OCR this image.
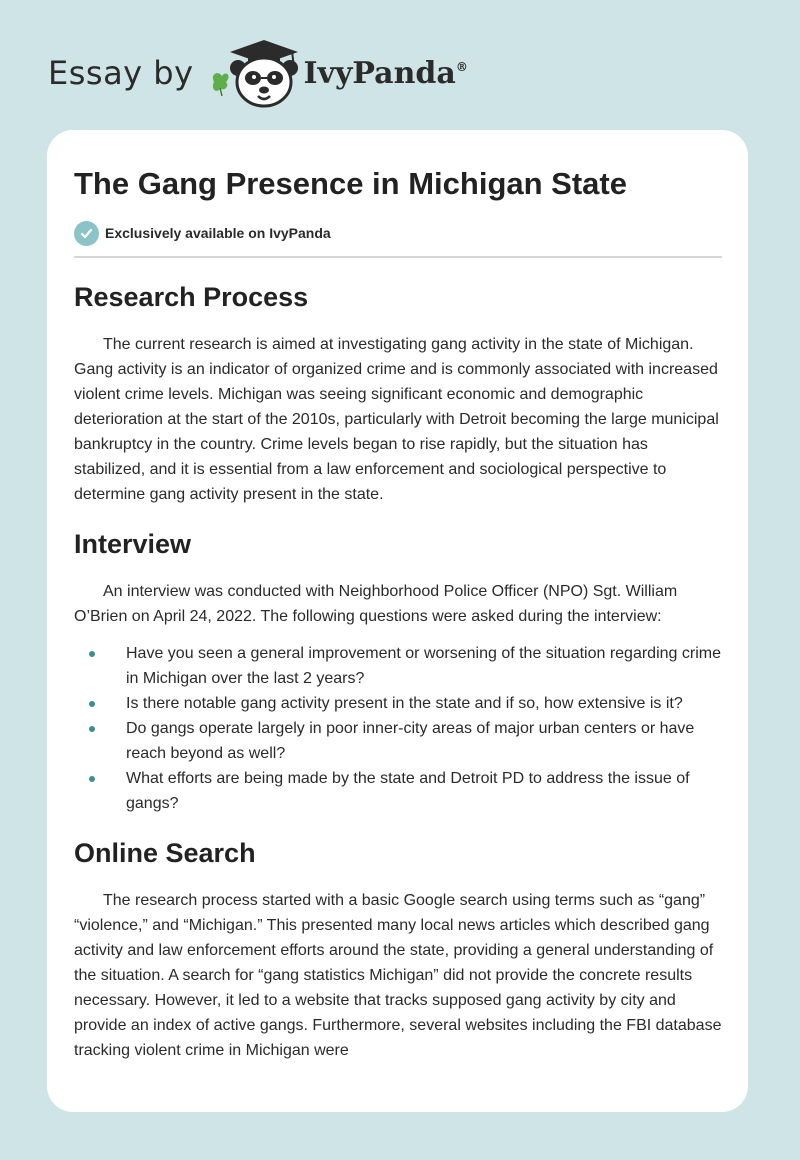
Essay by	IvyPanda®
The Gang Presence in Michigan State
Exclusively available on IvyPanda
Research Process

The current research is aimed at investigating gang activity in the state of Michigan. Gang activity is an indicator of organized crime and is commonly associated with increased violent crime levels. Michigan was seeing significant economic and demographic deterioration at the start of the 2010s, particularly with Detroit becoming the large municipal bankruptcy in the country. Crime levels began to rise rapidly, but the situation has stabilized, and it is essential from a law enforcement and sociological perspective to determine gang activity present in the state.

Interview

An interview was conducted with Neighborhood Police Officer (NPO) Sgt. William O’Brien on April 24, 2022. The following questions were asked during the interview:

Have you seen a general improvement or worsening of the situation regarding crime in Michigan over the last 2 years?
Is there notable gang activity present in the state and if so, how extensive is it?
Do gangs operate largely in poor inner-city areas of major urban centers or have reach beyond as well?
What efforts are being made by the state and Detroit PD to address the issue of gangs?
Online Search

The research process started with a basic Google search using terms such as “gang” “violence,” and “Michigan.” This presented many local news articles which described gang activity and law enforcement efforts around the state, providing a general understanding of the situation. A search for “gang statistics Michigan” did not provide the concrete results necessary. However, it led to a website that tracks supposed gang activity by city and provide an index of active gangs. Furthermore, several websites including the FBI database tracking violent crime in Michigan were
